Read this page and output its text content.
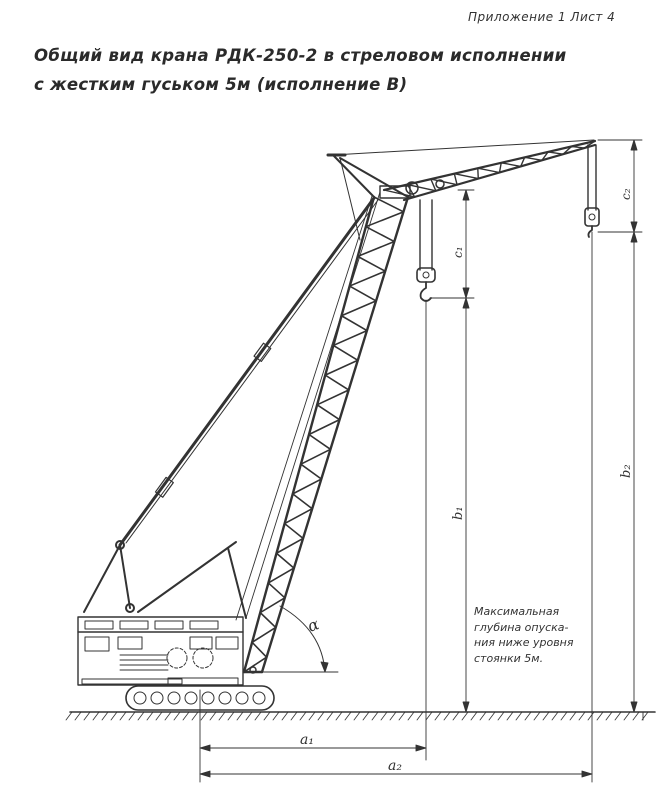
Приложение 1 Лист 4
Общий вид крана РДК-250-2 в стреловом исполнении
с жестким гуськом 5м (исполнение В)
a₁
a₂
b₁
b₂
c₁
c₂
α
Максимальная
глубина опуска-
ния ниже уровня
стоянки 5м.
